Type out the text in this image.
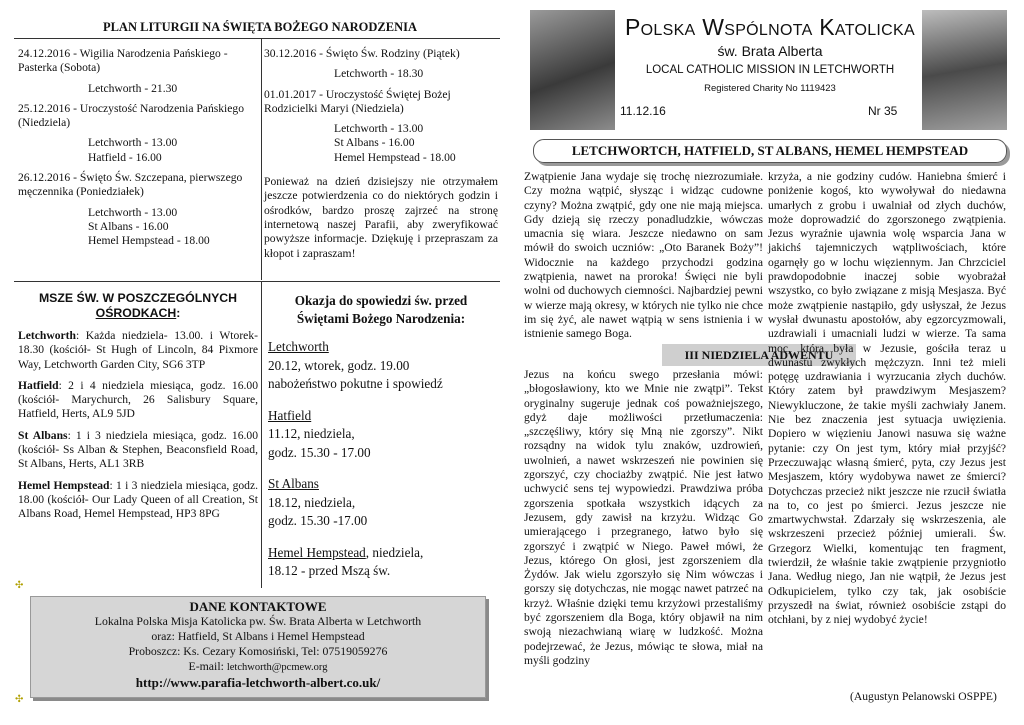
PLAN LITURGII NA ŚWIĘTA BOŻEGO NARODZENIA

24.12.2016 - Wigilia Narodzenia Pańskiego - Pasterka (Sobota)

Letchworth - 21.30

25.12.2016 - Uroczystość Narodzenia Pańskiego (Niedziela)

Letchworth - 13.00

Hatfield - 16.00

26.12.2016 - Święto Św. Szczepana, pierwszego męczennika (Poniedziałek)

Letchworth - 13.00

St Albans - 16.00

Hemel Hempstead - 18.00

30.12.2016 - Święto Św. Rodziny (Piątek)

Letchworth - 18.30

01.01.2017 - Uroczystość Świętej Bożej Rodzicielki Maryi (Niedziela)

Letchworth - 13.00

St Albans - 16.00

Hemel Hempstead - 18.00

Ponieważ na dzień dzisiejszy nie otrzymałem jeszcze potwierdzenia co do niektórych godzin i ośrodków, bardzo proszę zajrzeć na stronę internetową naszej Parafii, aby zweryfikować powyższe informacje. Dziękuję i przepraszam za kłopot i zapraszam!

MSZE ŚW. W POSZCZEGÓLNYCH
OŚRODKACH:

Letchworth: Każda niedziela- 13.00. i Wtorek- 18.30 (kościół- St Hugh of Lincoln, 84 Pixmore Way, Letchworth Garden City, SG6 3TP

Hatfield: 2 i 4 niedziela miesiąca, godz. 16.00 (kościół- Marychurch, 26 Salisbury Square, Hatfield, Herts, AL9 5JD

St Albans: 1 i 3 niedziela miesiąca, godz. 16.00 (kościół- Ss Alban & Stephen, Beaconsfield Road, St Albans, Herts, AL1 3RB

Hemel Hempstead: 1 i 3 niedziela miesiąca, godz. 18.00 (kościół- Our Lady Queen of all Creation, St Albans Road, Hemel Hempstead, HP3 8PG

Okazja do spowiedzi św. przed Świętami Bożego Narodzenia:
Letchworth
20.12, wtorek, godz. 19.00
nabożeństwo pokutne i spowiedź
Hatfield
11.12, niedziela,
godz. 15.30 - 17.00
St Albans
18.12, niedziela,
godz. 15.30 -17.00
Hemel Hempstead, niedziela,
18.12 - przed Mszą św.
✣
✣
DANE KONTAKTOWE
Lokalna Polska Misja Katolicka pw. Św. Brata Alberta w Letchworth
oraz: Hatfield, St Albans i Hemel Hempstead
Proboszcz: Ks. Cezary Komosiński, Tel: 07519059276
E-mail: letchworth@pcmew.org
http://www.parafia-letchworth-albert.co.uk/
Polska Wspólnota Katolicka
św. Brata Alberta
LOCAL CATHOLIC MISSION IN LETCHWORTH
Registered Charity No 1119423
11.12.16	Nr 35
LETCHWORTCH, HATFIELD, ST ALBANS, HEMEL HEMPSTEAD
Zwątpienie Jana wydaje się trochę niezrozumiałe. Czy można wątpić, słysząc i widząc cudowne czyny? Można zwątpić, gdy one nie mają miejsca. Gdy dzieją się rzeczy ponadludzkie, wówczas umacnia się wiara. Jeszcze niedawno on sam mówił do swoich uczniów: „Oto Baranek Boży”! Widocznie na każdego przychodzi godzina zwątpienia, nawet na proroka! Święci nie byli wolni od duchowych ciemności. Najbardziej pewni w wierze mają okresy, w których nie tylko nie chce im się żyć, ale nawet wątpią w sens istnienia i w istnienie samego Boga.
III NIEDZIELA ADWENTU
Jezus na końcu swego przesłania mówi: „błogosławiony, kto we Mnie nie zwątpi”. Tekst oryginalny sugeruje jednak coś poważniejszego, gdyż daje możliwości przetłumaczenia: „szczęśliwy, który się Mną nie zgorszy”. Nikt rozsądny na widok tylu znaków, uzdrowień, uwolnień, a nawet wskrzeszeń nie powinien się zgorszyć, czy chociażby zwątpić. Nie jest łatwo uchwycić sens tej wypowiedzi. Prawdziwa próba zgorszenia spotkała wszystkich idących za Jezusem, gdy zawisł na krzyżu. Widząc Go umierającego i przegranego, łatwo było się zgorszyć i zwątpić w Niego. Paweł mówi, że Jezus, którego On głosi, jest zgorszeniem dla Żydów. Jak wielu zgorszyło się Nim wówczas i gorszy się dotychczas, nie mogąc nawet patrzeć na krzyż. Właśnie dzięki temu krzyżowi przestaliśmy być zgorszeniem dla Boga, który objawił na nim swoją niezachwianą wiarę w ludzkość. Można podejrzewać, że Jezus, mówiąc te słowa, miał na myśli godziny
krzyża, a nie godziny cudów. Haniebna śmierć i poniżenie kogoś, kto wywoływał do niedawna umarłych z grobu i uwalniał od złych duchów, może doprowadzić do zgorszonego zwątpienia. Jezus wyraźnie ujawnia wolę wsparcia Jana w jakichś tajemniczych wątpliwościach, które ogarnęły go w lochu więziennym. Jan Chrzciciel prawdopodobnie inaczej sobie wyobrażał wszystko, co było związane z misją Mesjasza. Być może zwątpienie nastąpiło, gdy usłyszał, że Jezus wysłał dwunastu apostołów, aby egzorcyzmowali, uzdrawiali i umacniali ludzi w wierze. Ta sama moc, która była w Jezusie, gościła teraz u dwunastu zwykłych mężczyzn. Inni też mieli potęgę uzdrawiania i wyrzucania złych duchów. Który zatem był prawdziwym Mesjaszem? Niewykluczone, że takie myśli zachwiały Janem. Nie bez znaczenia jest sytuacja uwięzienia. Dopiero w więzieniu Janowi nasuwa się ważne pytanie: czy On jest tym, który miał przyjść? Przeczuwając własną śmierć, pyta, czy Jezus jest Mesjaszem, który wydobywa nawet ze śmierci? Dotychczas przecież nikt jeszcze nie rzucił światła na to, co jest po śmierci. Jezus jeszcze nie zmartwychwstał. Zdarzały się wskrzeszenia, ale wskrzeszeni przecież później umierali. Św. Grzegorz Wielki, komentując ten fragment, twierdził, że właśnie takie zwątpienie przygniotło Jana. Według niego, Jan nie wątpił, że Jezus jest Odkupicielem, tylko czy tak, jak osobiście przyszedł na świat, również osobiście zstąpi do otchłani, by z niej wydobyć życie!
(Augustyn Pelanowski OSPPE)
